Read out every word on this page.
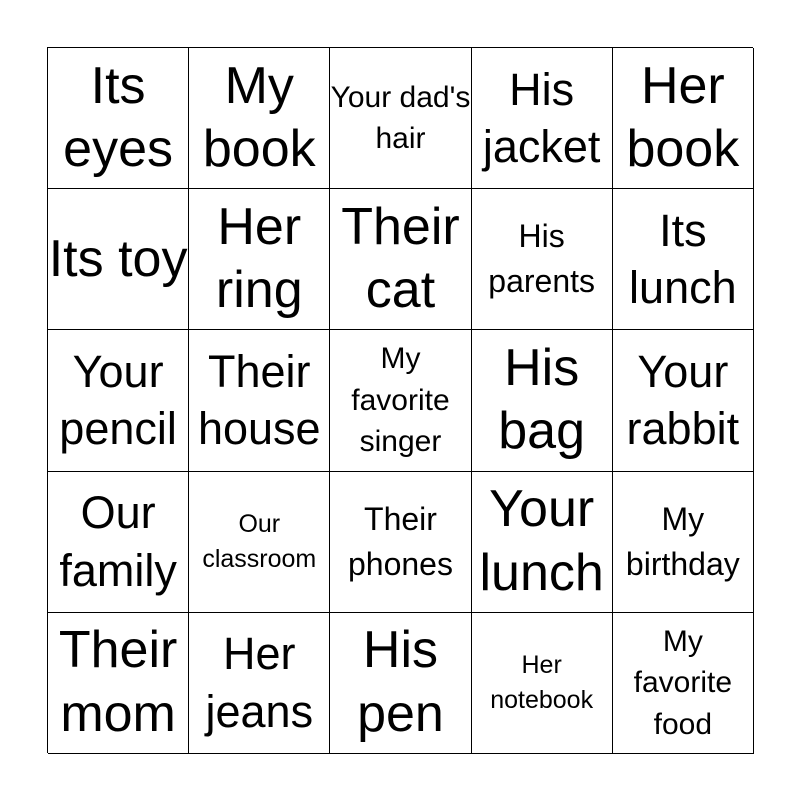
Its eyes
My book
Your dad's hair
His jacket
Her book
Its toy
Her ring
Their cat
His parents
Its lunch
Your pencil
Their house
My favorite singer
His bag
Your rabbit
Our family
Our classroom
Their phones
Your lunch
My birthday
Their mom
Her jeans
His pen
Her notebook
My favorite food
